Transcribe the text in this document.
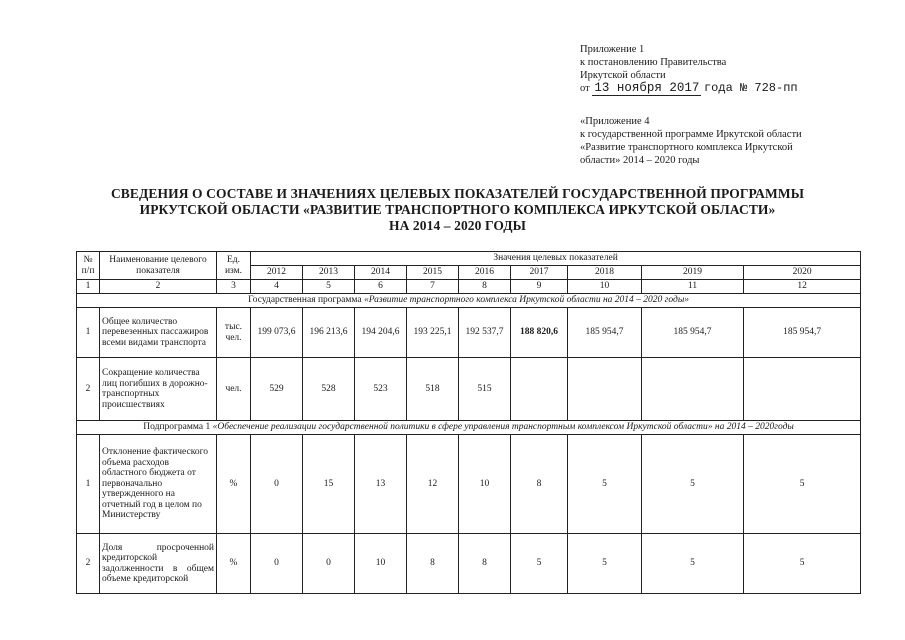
Приложение 1
к постановлению Правительства
Иркутской области
от 13 ноября 2017 года № 728-пп
«Приложение 4
к государственной программе Иркутской области
«Развитие транспортного комплекса Иркутской
области» 2014 – 2020 годы
СВЕДЕНИЯ О СОСТАВЕ И ЗНАЧЕНИЯХ ЦЕЛЕВЫХ ПОКАЗАТЕЛЕЙ ГОСУДАРСТВЕННОЙ ПРОГРАММЫ
ИРКУТСКОЙ ОБЛАСТИ «РАЗВИТИЕ ТРАНСПОРТНОГО КОМПЛЕКСА ИРКУТСКОЙ ОБЛАСТИ»
НА 2014 – 2020 ГОДЫ
№ п/п	Наименование целевого показателя	Ед. изм.	Значения целевых показателей								
			2012	2013	2014	2015	2016	2017	2018	2019	2020
1	2	3	4	5	6	7	8	9	10	11	12
Государственная программа «Развитие транспортного комплекса Иркутской области на 2014 – 2020 годы»											
1	Общее количество перевезенных пассажиров всеми видами транспорта	тыс. чел.	199 073,6	196 213,6	194 204,6	193 225,1	192 537,7	188 820,6	185 954,7	185 954,7	185 954,7
2	Сокращение количества лиц погибших в дорожно-транспортных происшествиях	чел.	529	528	523	518	515				
Подпрограмма 1 «Обеспечение реализации государственной политики в сфере управления транспортным комплексом Иркутской области» на 2014 – 2020годы											
1	Отклонение фактического объема расходов областного бюджета от первоначально утвержденного на отчетный год в целом по Министерству	%	0	15	13	12	10	8	5	5	5
2	Доля просроченной кредиторской задолженности в общем объеме кредиторской	%	0	0	10	8	8	5	5	5	5
